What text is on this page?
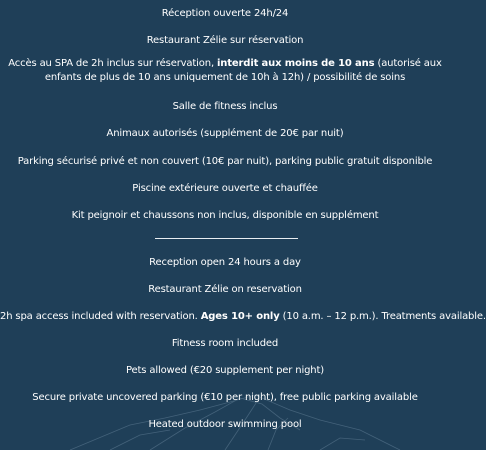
Réception ouverte 24h/24
Restaurant Zélie sur réservation
Accès au SPA de 2h inclus sur réservation, interdit aux moins de 10 ans (autorisé aux enfants de plus de 10 ans uniquement de 10h à 12h) / possibilité de soins
Salle de fitness inclus
Animaux autorisés (supplément de 20€ par nuit)
Parking sécurisé privé et non couvert (10€ par nuit), parking public gratuit disponible
Piscine extérieure ouverte et chauffée
Kit peignoir et chaussons non inclus, disponible en supplément
Reception open 24 hours a day
Restaurant Zélie on reservation
2h spa access included with reservation. Ages 10+ only (10 a.m. – 12 p.m.). Treatments available.
Fitness room included
Pets allowed (€20 supplement per night)
Secure private uncovered parking (€10 per night), free public parking available
Heated outdoor swimming pool
